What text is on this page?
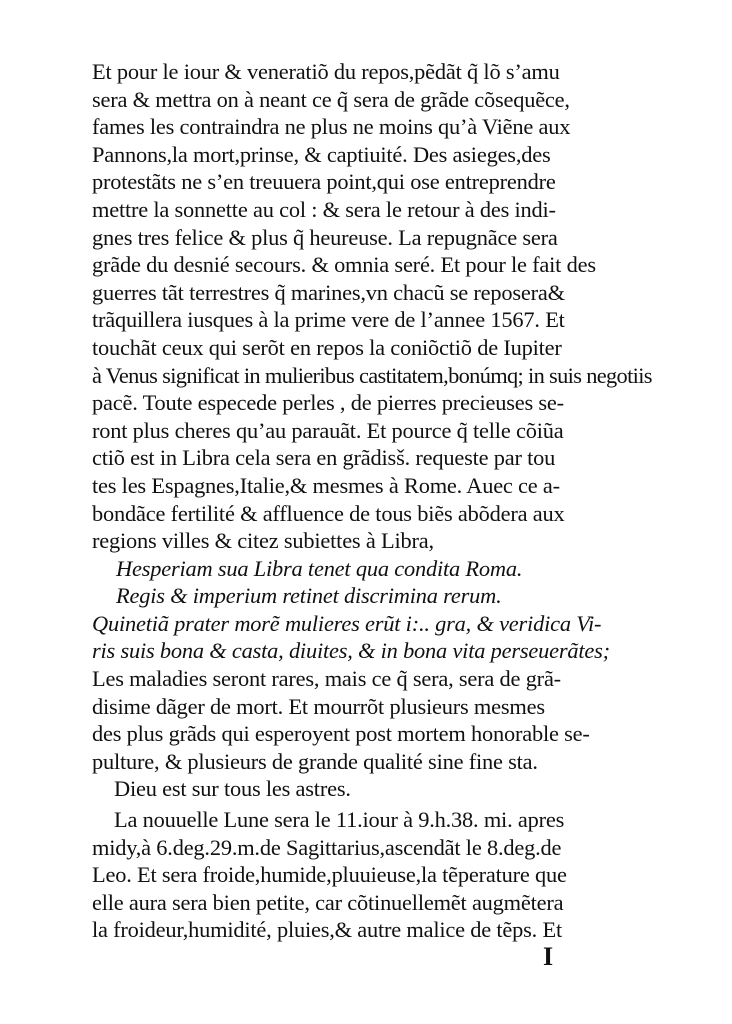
Et pour le iour & veneratiõ du repos,pẽdãt q̃ lõ s’amu
sera & mettra on à neant ce q̃ sera de grãde cõsequẽce,
fames les contraindra ne plus ne moins qu’à Viẽne aux
Pannons,la mort,prinse, & captiuité. Des asieges,des
protestãts ne s’en treuuera point,qui ose entreprendre
mettre la sonnette au col : & sera le retour à des indi-
gnes tres felice & plus q̃ heureuse. La repugnãce sera
grãde du desnié secours. & omnia seré. Et pour le fait des
guerres tãt terrestres q̃ marines,vn chacũ se reposera&
trãquillera iusques à la prime vere de l’annee 1567. Et
touchãt ceux qui serõt en repos la coniõctiõ de Iupiter
à Venus significat in mulieribus castitatem,bonúmq; in suis negotiis
pacẽ. Toute especede perles , de pierres precieuses se-
ront plus cheres qu’au parauãt. Et pource q̃ telle cõiũa
ctiõ est in Libra cela sera en grãdisš. requeste par tou
tes les Espagnes,Italie,& mesmes à Rome. Auec ce a-
bondãce fertilité & affluence de tous biẽs abõdera aux
regions villes & citez subiettes à Libra,
Hesperiam sua Libra tenet qua condita Roma.
Regis & imperium retinet discrimina rerum.
Quinetiã prater morẽ mulieres erũt i:.. gra, & veridica Vi-
ris suis bona & casta, diuites, & in bona vita perseuerãtes;
Les maladies seront rares, mais ce q̃ sera, sera de grã-
disime dãger de mort. Et mourrõt plusieurs mesmes
des plus grãds qui esperoyent post mortem honorable se-
pulture, & plusieurs de grande qualité sine fine sta.
Dieu est sur tous les astres.
La nouuelle Lune sera le 11.iour à 9.h.38. mi. apres
midy,à 6.deg.29.m.de Sagittarius,ascendãt le 8.deg.de
Leo. Et sera froide,humide,pluuieuse,la tẽperature que
elle aura sera bien petite, car cõtinuellemẽt augmẽtera
la froideur,humidité, pluies,& autre malice de tẽps. Et
I
